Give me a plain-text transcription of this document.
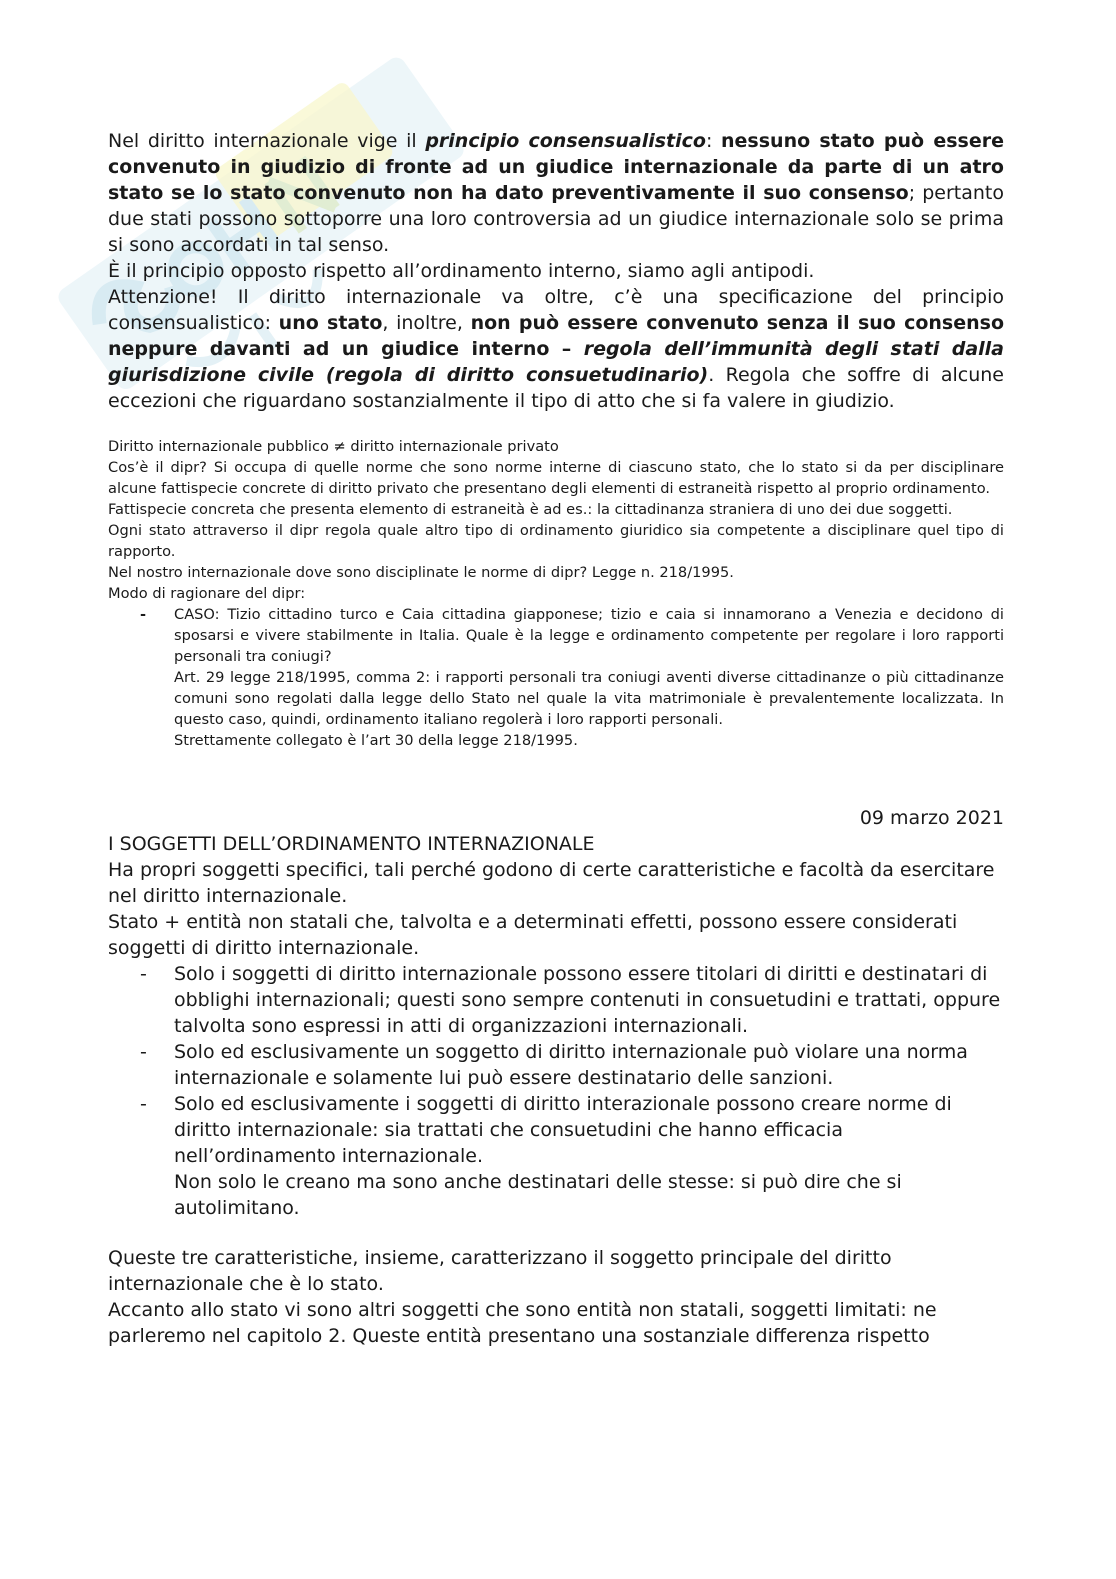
Nel diritto internazionale vige il principio consensualistico: nessuno stato può essere convenuto in giudizio di fronte ad un giudice internazionale da parte di un atro stato se lo stato convenuto non ha dato preventivamente il suo consenso; pertanto due stati possono sottoporre una loro controversia ad un giudice internazionale solo se prima si sono accordati in tal senso.

È il principio opposto rispetto all’ordinamento interno, siamo agli antipodi.

Attenzione! Il diritto internazionale va oltre, c’è una specificazione del principio consensualistico: uno stato, inoltre, non può essere convenuto senza il suo consenso neppure davanti ad un giudice interno – regola dell’immunità degli stati dalla giurisdizione civile (regola di diritto consuetudinario). Regola che soffre di alcune eccezioni che riguardano sostanzialmente il tipo di atto che si fa valere in giudizio.

Diritto internazionale pubblico ≠ diritto internazionale privato

Cos’è il dipr? Si occupa di quelle norme che sono norme interne di ciascuno stato, che lo stato si da per disciplinare alcune fattispecie concrete di diritto privato che presentano degli elementi di estraneità rispetto al proprio ordinamento.

Fattispecie concreta che presenta elemento di estraneità è ad es.: la cittadinanza straniera di uno dei due soggetti.

Ogni stato attraverso il dipr regola quale altro tipo di ordinamento giuridico sia competente a disciplinare quel tipo di rapporto.

Nel nostro internazionale dove sono disciplinate le norme di dipr? Legge n. 218/1995.

Modo di ragionare del dipr:

- CASO: Tizio cittadino turco e Caia cittadina giapponese; tizio e caia si innamorano a Venezia e decidono di sposarsi e vivere stabilmente in Italia. Quale è la legge e ordinamento competente per regolare i loro rapporti personali tra coniugi?
Art. 29 legge 218/1995, comma 2: i rapporti personali tra coniugi aventi diverse cittadinanze o più cittadinanze comuni sono regolati dalla legge dello Stato nel quale la vita matrimoniale è prevalentemente localizzata. In questo caso, quindi, ordinamento italiano regolerà i loro rapporti personali.
Strettamente collegato è l’art 30 della legge 218/1995.

09 marzo 2021

I SOGGETTI DELL’ORDINAMENTO INTERNAZIONALE

Ha propri soggetti specifici, tali perché godono di certe caratteristiche e facoltà da esercitare nel diritto internazionale.

Stato + entità non statali che, talvolta e a determinati effetti, possono essere considerati soggetti di diritto internazionale.

- Solo i soggetti di diritto internazionale possono essere titolari di diritti e destinatari di obblighi internazionali; questi sono sempre contenuti in consuetudini e trattati, oppure talvolta sono espressi in atti di organizzazioni internazionali.
- Solo ed esclusivamente un soggetto di diritto internazionale può violare una norma internazionale e solamente lui può essere destinatario delle sanzioni.
- Solo ed esclusivamente i soggetti di diritto interazionale possono creare norme di diritto internazionale: sia trattati che consuetudini che hanno efficacia nell’ordinamento internazionale.
Non solo le creano ma sono anche destinatari delle stesse: si può dire che si autolimitano.

Queste tre caratteristiche, insieme, caratterizzano il soggetto principale del diritto internazionale che è lo stato.

Accanto allo stato vi sono altri soggetti che sono entità non statali, soggetti limitati: ne parleremo nel capitolo 2. Queste entità presentano una sostanziale differenza rispetto
